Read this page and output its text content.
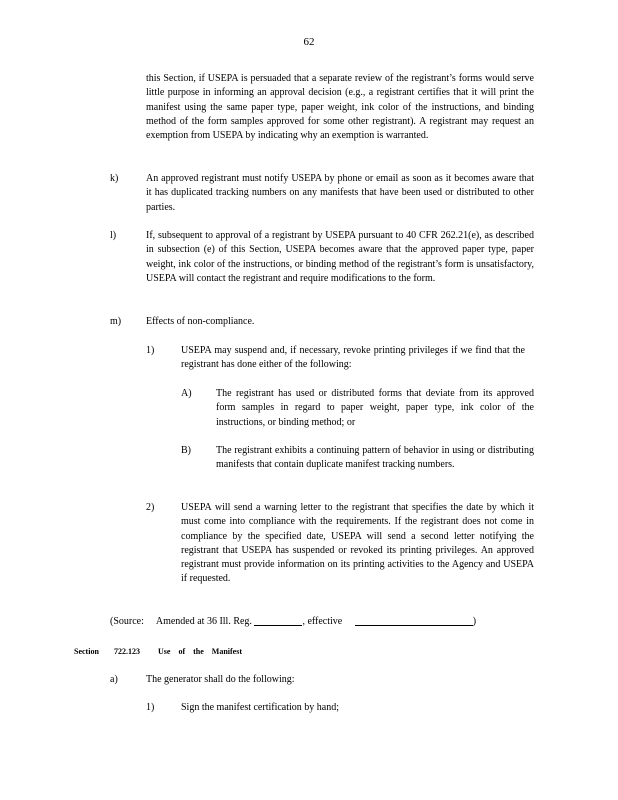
62
this Section, if USEPA is persuaded that a separate review of the registrant’s forms would serve little purpose in informing an approval decision (e.g., a registrant certifies that it will print the manifest using the same paper type, paper weight, ink color of the instructions, and binding method of the form samples approved for some other registrant). A registrant may request an exemption from USEPA by indicating why an exemption is warranted.
k)	An approved registrant must notify USEPA by phone or email as soon as it becomes aware that it has duplicated tracking numbers on any manifests that have been used or distributed to other parties.
l)	If, subsequent to approval of a registrant by USEPA pursuant to 40 CFR 262.21(e), as described in subsection (e) of this Section, USEPA becomes aware that the approved paper type, paper weight, ink color of the instructions, or binding method of the registrant’s form is unsatisfactory, USEPA will contact the registrant and require modifications to the form.
m) Effects of non-compliance.
1)	USEPA may suspend and, if necessary, revoke printing privileges if we find that the registrant has done either of the following:
A) The registrant has used or distributed forms that deviate from its approved form samples in regard to paper weight, paper type, ink color of the instructions, or binding method; or
B)	The registrant exhibits a continuing pattern of behavior in using or distributing manifests that contain duplicate manifest tracking numbers.
2)	USEPA will send a warning letter to the registrant that specifies the date by which it must come into compliance with the requirements. If the registrant does not come in compliance by the specified date, USEPA will send a second letter notifying the registrant that USEPA has suspended or revoked its printing privileges. An approved registrant must provide information on its printing activities to the Agency and USEPA if requested.
(Source: Amended at 36 Ill. Reg.	, effective	)
Section 722.123 Use of the Manifest
a)	The generator shall do the following:
1)	Sign the manifest certification by hand;
